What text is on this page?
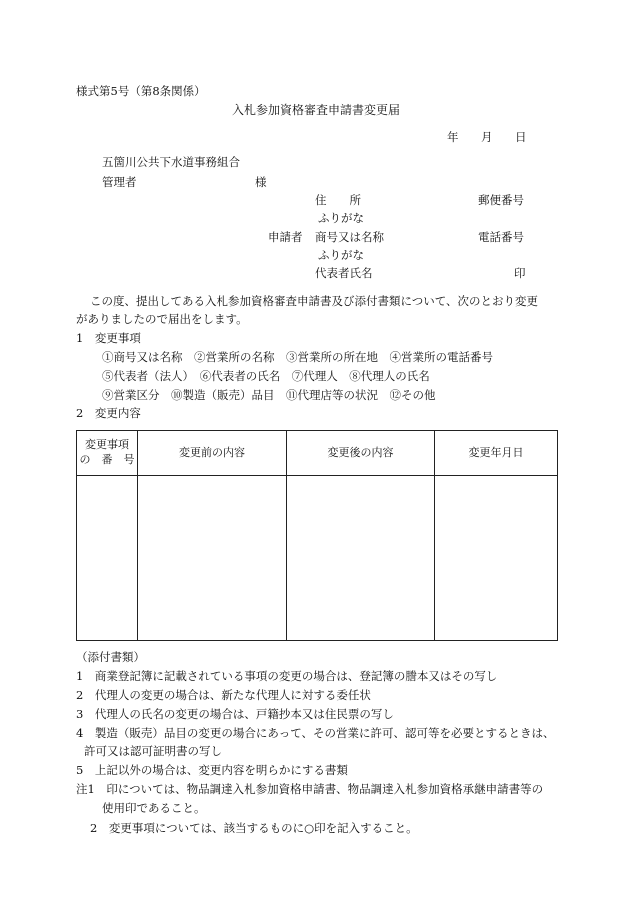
様式第5号（第8条関係）
入札参加資格審査申請書変更届
年 月 日
五箇川公共下水道事務組合
管理者	様
住　　所	郵便番号
ふりがな
申請者 商号又は名称	電話番号
ふりがな
代表者氏名	印
この度、提出してある入札参加資格審査申請書及び添付書類について、次のとおり変更
がありましたので届出をします。
1　変更事項
①商号又は名称　②営業所の名称　③営業所の所在地　④営業所の電話番号
⑤代表者（法人）　⑥代表者の氏名　⑦代理人　⑧代理人の氏名
⑨営業区分　⑩製造（販売）品目　⑪代理店等の状況　⑫その他
2　変更内容
変更事項
の　番　号	変更前の内容	変更後の内容	変更年月日

（添付書類）
1　商業登記簿に記載されている事項の変更の場合は、登記簿の謄本又はその写し
2　代理人の変更の場合は、新たな代理人に対する委任状
3　代理人の氏名の変更の場合は、戸籍抄本又は住民票の写し
4　製造（販売）品目の変更の場合にあって、その営業に許可、認可等を必要とするときは、
許可又は認可証明書の写し
5　上記以外の場合は、変更内容を明らかにする書類
注1　印については、物品調達入札参加資格申請書、物品調達入札参加資格承継申請書等の
使用印であること。
2　変更事項については、該当するものに○印を記入すること。
